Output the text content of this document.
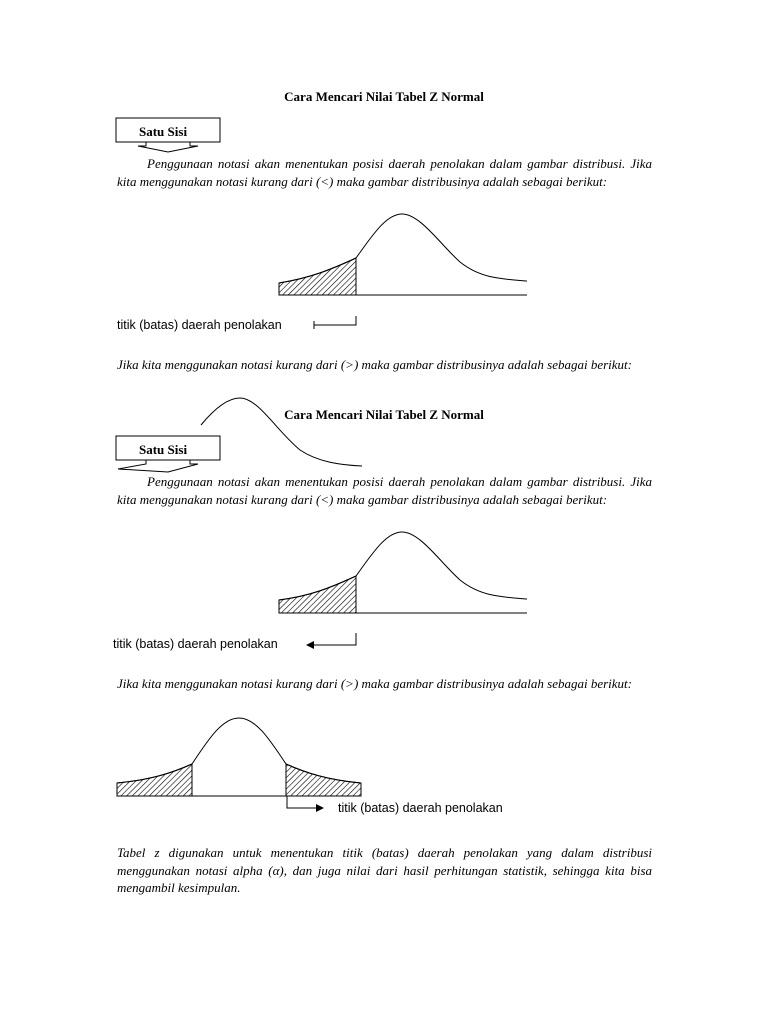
Cara Mencari Nilai Tabel Z Normal
Satu Sisi
Penggunaan notasi akan menentukan posisi daerah penolakan dalam gambar distribusi. Jika kita menggunakan notasi kurang dari (<) maka gambar distribusinya adalah sebagai berikut:
titik (batas) daerah penolakan
Jika kita menggunakan notasi kurang dari (>) maka gambar distribusinya adalah sebagai berikut:
Cara Mencari Nilai Tabel Z Normal
Satu Sisi
Penggunaan notasi akan menentukan posisi daerah penolakan dalam gambar distribusi. Jika kita menggunakan notasi kurang dari (<) maka gambar distribusinya adalah sebagai berikut:
titik (batas) daerah penolakan
Jika kita menggunakan notasi kurang dari (>) maka gambar distribusinya adalah sebagai berikut:
titik (batas) daerah penolakan
Tabel z digunakan untuk menentukan titik (batas) daerah penolakan yang dalam distribusi menggunakan notasi alpha (α), dan juga nilai dari hasil perhitungan statistik, sehingga kita bisa mengambil kesimpulan.
